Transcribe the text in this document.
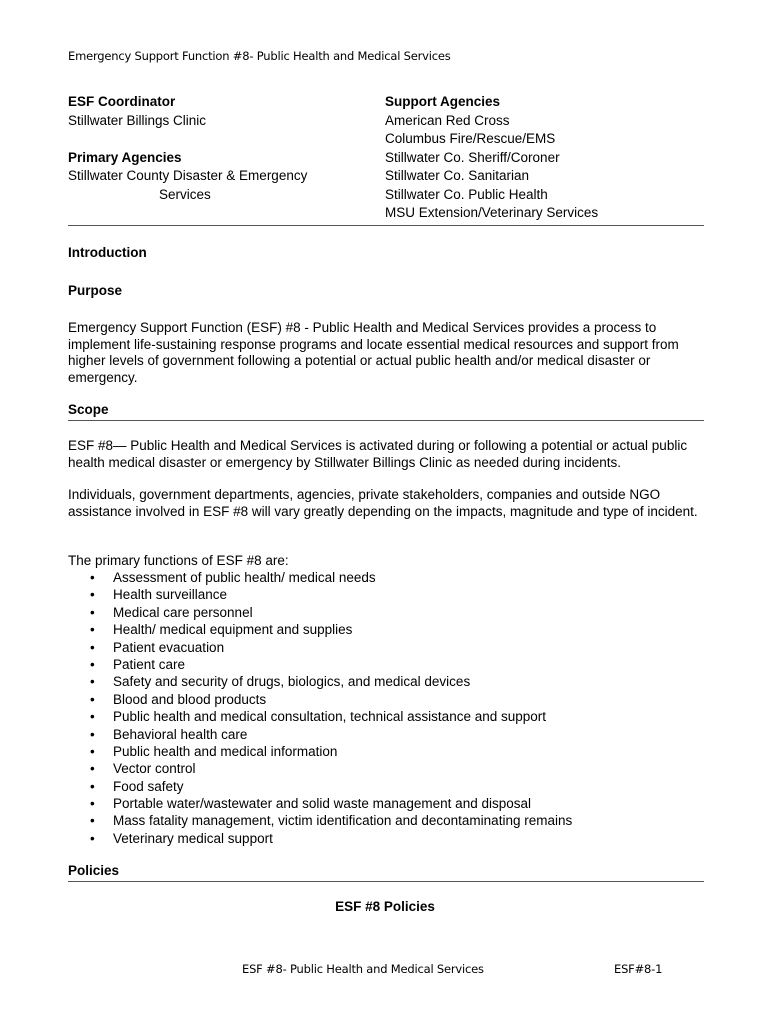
Emergency Support Function #8- Public Health and Medical Services
ESF Coordinator
Stillwater Billings Clinic
Primary Agencies
Stillwater County Disaster & Emergency
Services
Support Agencies
American Red Cross
Columbus Fire/Rescue/EMS
Stillwater Co. Sheriff/Coroner
Stillwater Co. Sanitarian
Stillwater Co. Public Health
MSU Extension/Veterinary Services
Introduction
Purpose
Emergency Support Function (ESF) #8 - Public Health and Medical Services provides a process to implement life-sustaining response programs and locate essential medical resources and support from higher levels of government following a potential or actual public health and/or medical disaster or emergency.
Scope
ESF #8— Public Health and Medical Services is activated during or following a potential or actual public health medical disaster or emergency by Stillwater Billings Clinic as needed during incidents.
Individuals, government departments, agencies, private stakeholders, companies and outside NGO assistance involved in ESF #8 will vary greatly depending on the impacts, magnitude and type of incident.
The primary functions of ESF #8 are:
• Assessment of public health/ medical needs
• Health surveillance
• Medical care personnel
• Health/ medical equipment and supplies
• Patient evacuation
• Patient care
• Safety and security of drugs, biologics, and medical devices
• Blood and blood products
• Public health and medical consultation, technical assistance and support
• Behavioral health care
• Public health and medical information
• Vector control
• Food safety
• Portable water/wastewater and solid waste management and disposal
• Mass fatality management, victim identification and decontaminating remains
• Veterinary medical support
Policies
ESF #8 Policies
ESF #8- Public Health and Medical Services	ESF#8-1
